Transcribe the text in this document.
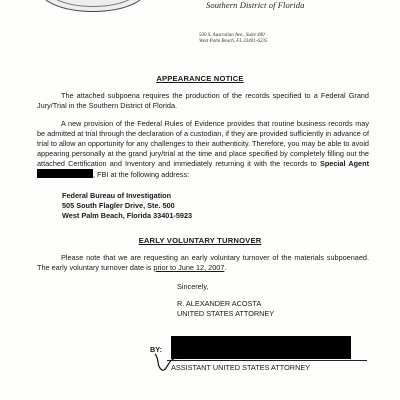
Southern District of Florida
500 S. Australian Ave., Suite 400
West Palm Beach, FL 33401-6235
APPEARANCE NOTICE
The attached subpoena requires the production of the records specified to a Federal Grand Jury/Trial in the Southern District of Florida.
A new provision of the Federal Rules of Evidence provides that routine business records may be admitted at trial through the declaration of a custodian, if they are provided sufficiently in advance of trial to allow an opportunity for any challenges to their authenticity. Therefore, you may be able to avoid appearing personally at the grand jury/trial at the time and place specified by completely filling out the attached Certification and Inventory and immediately returning it with the records to Special Agent , FBI at the following address:
Federal Bureau of Investigation
505 South Flagler Drive, Ste. 500
West Palm Beach, Florida 33401-5923
EARLY VOLUNTARY TURNOVER
Please note that we are requesting an early voluntary turnover of the materials subpoenaed. The early voluntary turnover date is prior to June 12, 2007.
Sincerely,
R. ALEXANDER ACOSTA
UNITED STATES ATTORNEY
BY:
ASSISTANT UNITED STATES ATTORNEY
